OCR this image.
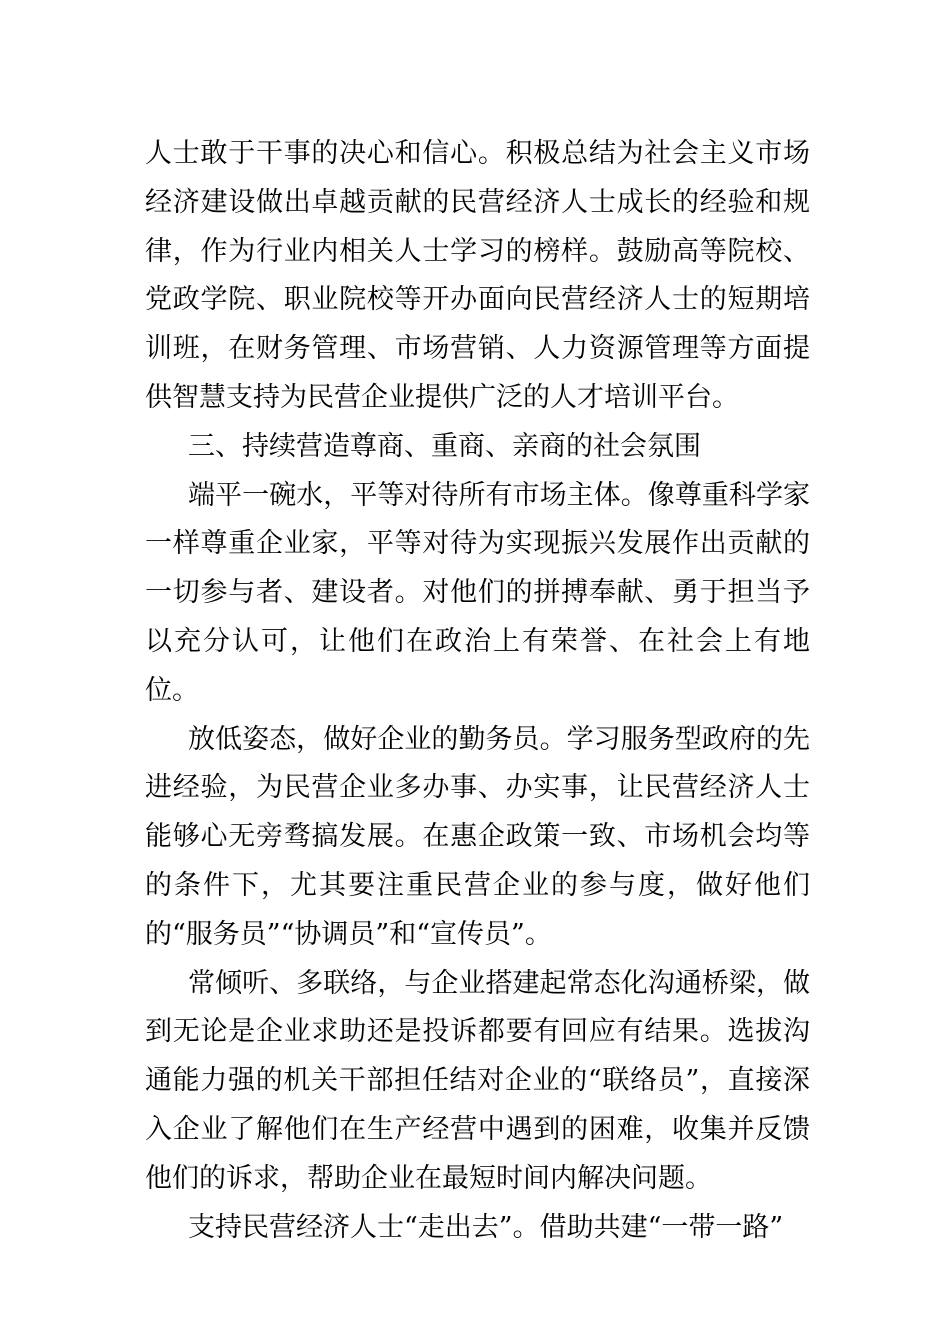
人士敢于干事的决心和信心。积极总结为社会主义市场经济建设做出卓越贡献的民营经济人士成长的经验和规律，作为行业内相关人士学习的榜样。鼓励高等院校、党政学院、职业院校等开办面向民营经济人士的短期培训班，在财务管理、市场营销、人力资源管理等方面提供智慧支持为民营企业提供广泛的人才培训平台。

三、持续营造尊商、重商、亲商的社会氛围

端平一碗水，平等对待所有市场主体。像尊重科学家一样尊重企业家，平等对待为实现振兴发展作出贡献的一切参与者、建设者。对他们的拼搏奉献、勇于担当予以充分认可，让他们在政治上有荣誉、在社会上有地位。

放低姿态，做好企业的勤务员。学习服务型政府的先进经验，为民营企业多办事、办实事，让民营经济人士能够心无旁骛搞发展。在惠企政策一致、市场机会均等的条件下，尤其要注重民营企业的参与度，做好他们的“服务员”“协调员”和“宣传员”。

常倾听、多联络，与企业搭建起常态化沟通桥梁，做到无论是企业求助还是投诉都要有回应有结果。选拔沟通能力强的机关干部担任结对企业的“联络员”，直接深入企业了解他们在生产经营中遇到的困难，收集并反馈他们的诉求，帮助企业在最短时间内解决问题。

支持民营经济人士“走出去”。借助共建“一带一路”
